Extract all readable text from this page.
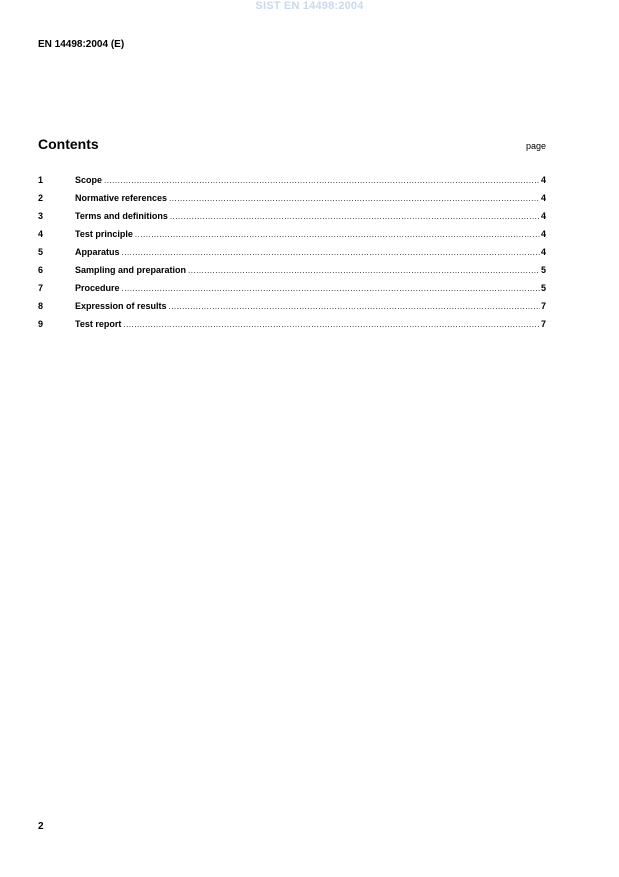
SIST EN 14498:2004
EN 14498:2004 (E)
Contents	page
1	Scope .....	4
2	Normative references .....	4
3	Terms and definitions .....	4
4	Test principle .....	4
5	Apparatus .....	4
6	Sampling and preparation .....	5
7	Procedure .....	5
8	Expression of results .....	7
9	Test report .....	7
2
